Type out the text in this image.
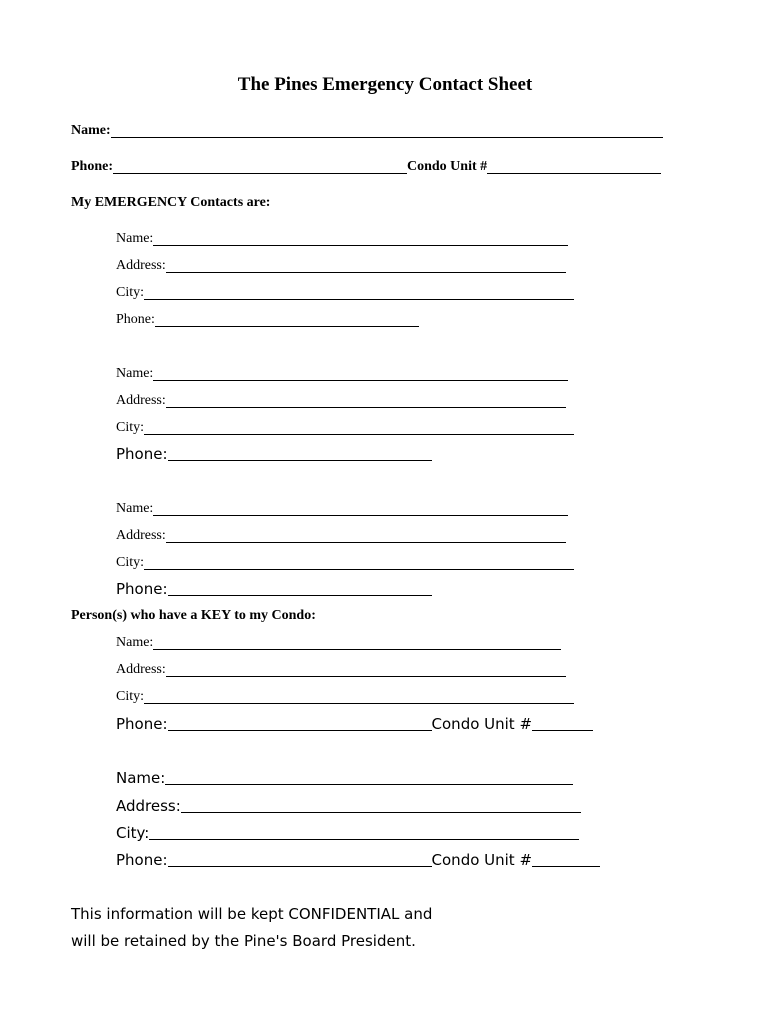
The Pines Emergency Contact Sheet
Name:
Phone:	Condo Unit #
My EMERGENCY Contacts are:
Name:
Address:
City:
Phone:
Name:
Address:
City:
Phone:
Name:
Address:
City:
Phone:
Person(s) who have a KEY to my Condo:
Name:
Address:
City:
Phone:	Condo Unit #
Name:
Address:
City:
Phone:	Condo Unit #
This information will be kept CONFIDENTIAL and
will be retained by the Pine's Board President.
